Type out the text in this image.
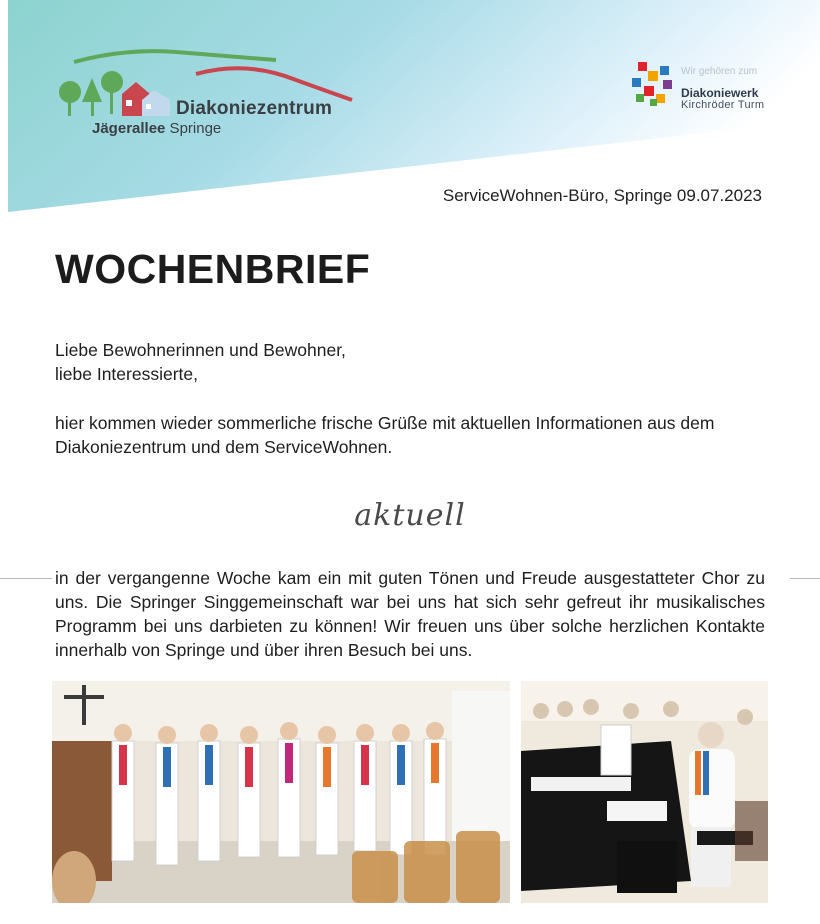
Diakoniezentrum
Jägerallee Springe
Wir gehören zum
Diakoniewerk
Kirchröder Turm
ServiceWohnen-Büro, Springe 09.07.2023
WOCHENBRIEF
Liebe Bewohnerinnen und Bewohner,
liebe Interessierte,
hier kommen wieder sommerliche frische Grüße mit aktuellen Informationen aus dem Diakoniezentrum und dem ServiceWohnen.
aktuell
in der vergangenne Woche kam ein mit guten Tönen und Freude ausgestatteter Chor zu uns. Die Springer Singgemeinschaft war bei uns hat sich sehr gefreut ihr musikalisches Programm bei uns darbieten zu können! Wir freuen uns über solche herzlichen Kontakte innerhalb von Springe und über ihren Besuch bei uns.
